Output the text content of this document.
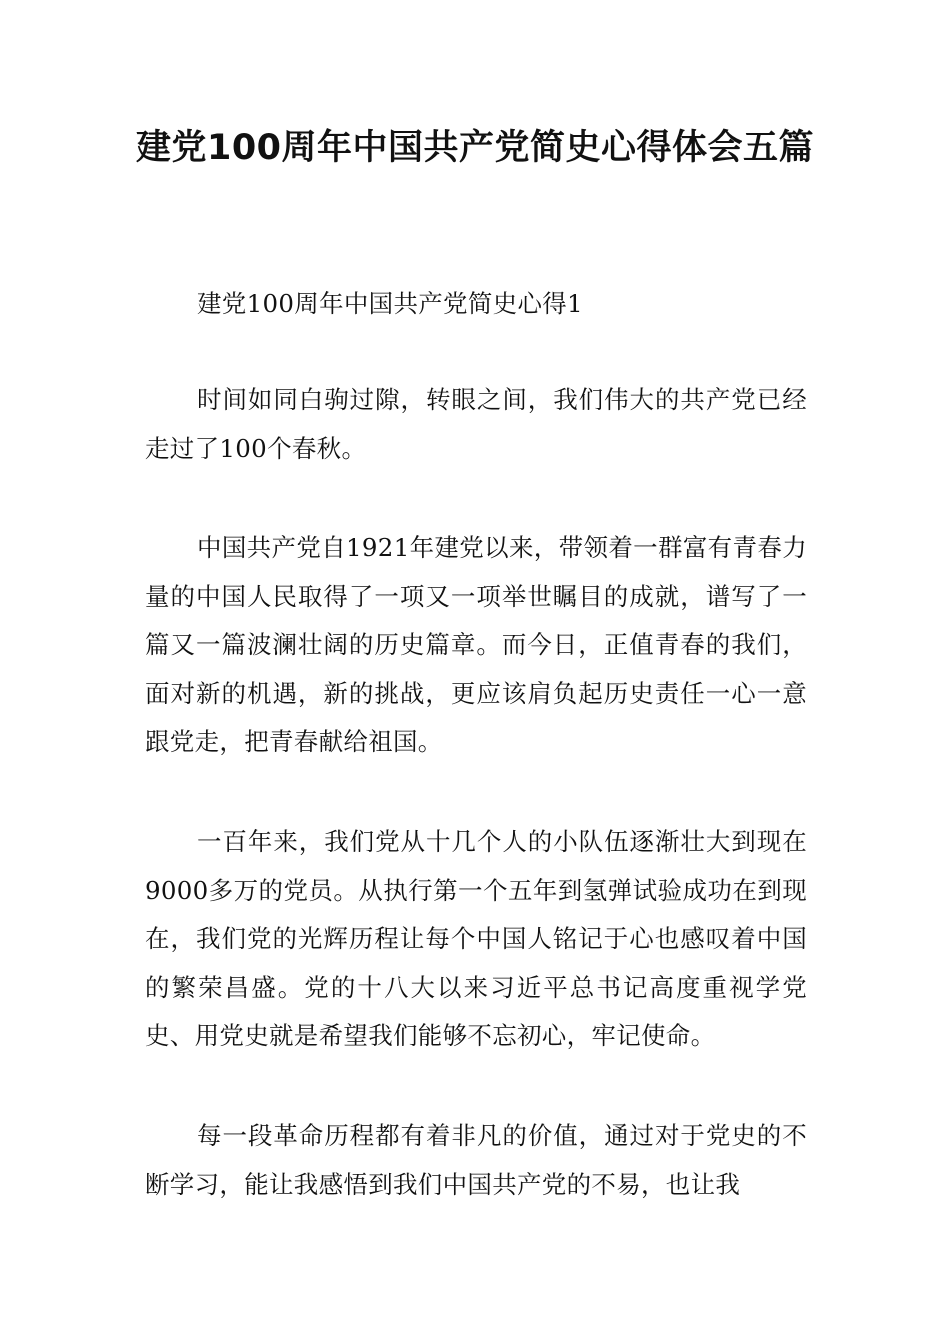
建党100周年中国共产党简史心得体会五篇

建党100周年中国共产党简史心得1

时间如同白驹过隙，转眼之间，我们伟大的共产党已经走过了100个春秋。

中国共产党自1921年建党以来，带领着一群富有青春力量的中国人民取得了一项又一项举世瞩目的成就，谱写了一篇又一篇波澜壮阔的历史篇章。而今日，正值青春的我们，面对新的机遇，新的挑战，更应该肩负起历史责任一心一意跟党走，把青春献给祖国。

一百年来，我们党从十几个人的小队伍逐渐壮大到现在9000多万的党员。从执行第一个五年到氢弹试验成功在到现在，我们党的光辉历程让每个中国人铭记于心也感叹着中国的繁荣昌盛。党的十八大以来习近平总书记高度重视学党史、用党史就是希望我们能够不忘初心，牢记使命。

每一段革命历程都有着非凡的价值，通过对于党史的不断学习，能让我感悟到我们中国共产党的不易，也让我
